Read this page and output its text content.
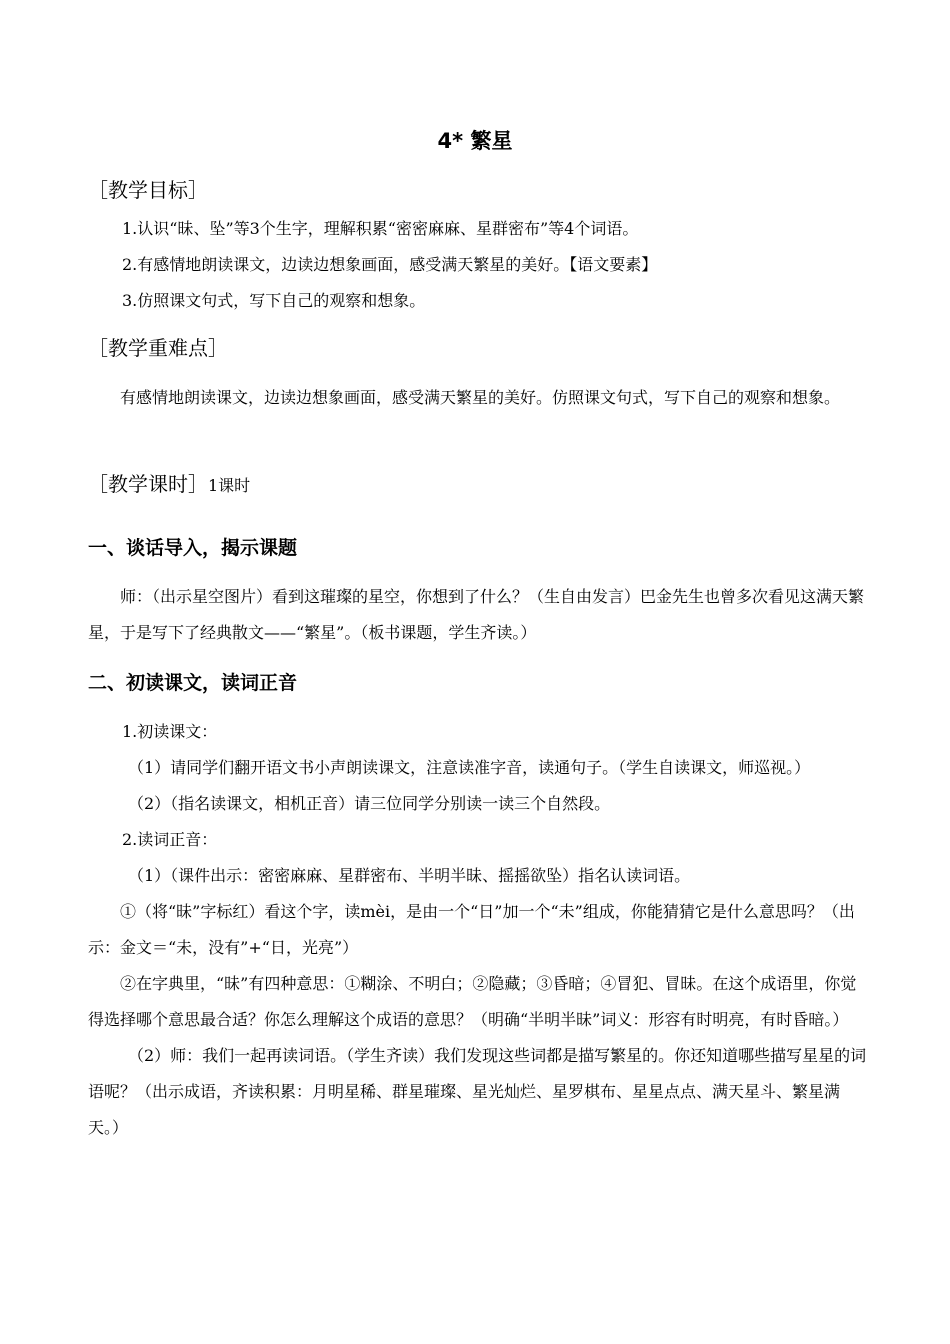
4* 繁星
［教学目标］
1.认识“昧、坠”等3个生字，理解积累“密密麻麻、星群密布”等4个词语。
2.有感情地朗读课文，边读边想象画面，感受满天繁星的美好。【语文要素】
3.仿照课文句式，写下自己的观察和想象。
［教学重难点］

有感情地朗读课文，边读边想象画面，感受满天繁星的美好。仿照课文句式，写下自己的观察和想象。

［教学课时］1课时
一、谈话导入，揭示课题

师：（出示星空图片）看到这璀璨的星空，你想到了什么？（生自由发言）巴金先生也曾多次看见这满天繁星，于是写下了经典散文——“繁星”。（板书课题，学生齐读。）

二、初读课文，读词正音
1.初读课文：

（1）请同学们翻开语文书小声朗读课文，注意读准字音，读通句子。（学生自读课文，师巡视。）

（2）（指名读课文，相机正音）请三位同学分别读一读三个自然段。

2.读词正音：

（1）（课件出示：密密麻麻、星群密布、半明半昧、摇摇欲坠）指名认读词语。

①（将“昧”字标红）看这个字，读mèi，是由一个“日”加一个“未”组成，你能猜猜它是什么意思吗？（出示：金文＝“未，没有”+“日，光亮”）

②在字典里，“昧”有四种意思：①糊涂、不明白；②隐藏；③昏暗；④冒犯、冒昧。在这个成语里，你觉得选择哪个意思最合适？你怎么理解这个成语的意思？（明确“半明半昧”词义：形容有时明亮，有时昏暗。）

（2）师：我们一起再读词语。（学生齐读）我们发现这些词都是描写繁星的。你还知道哪些描写星星的词语呢？（出示成语，齐读积累：月明星稀、群星璀璨、星光灿烂、星罗棋布、星星点点、满天星斗、繁星满天。）
